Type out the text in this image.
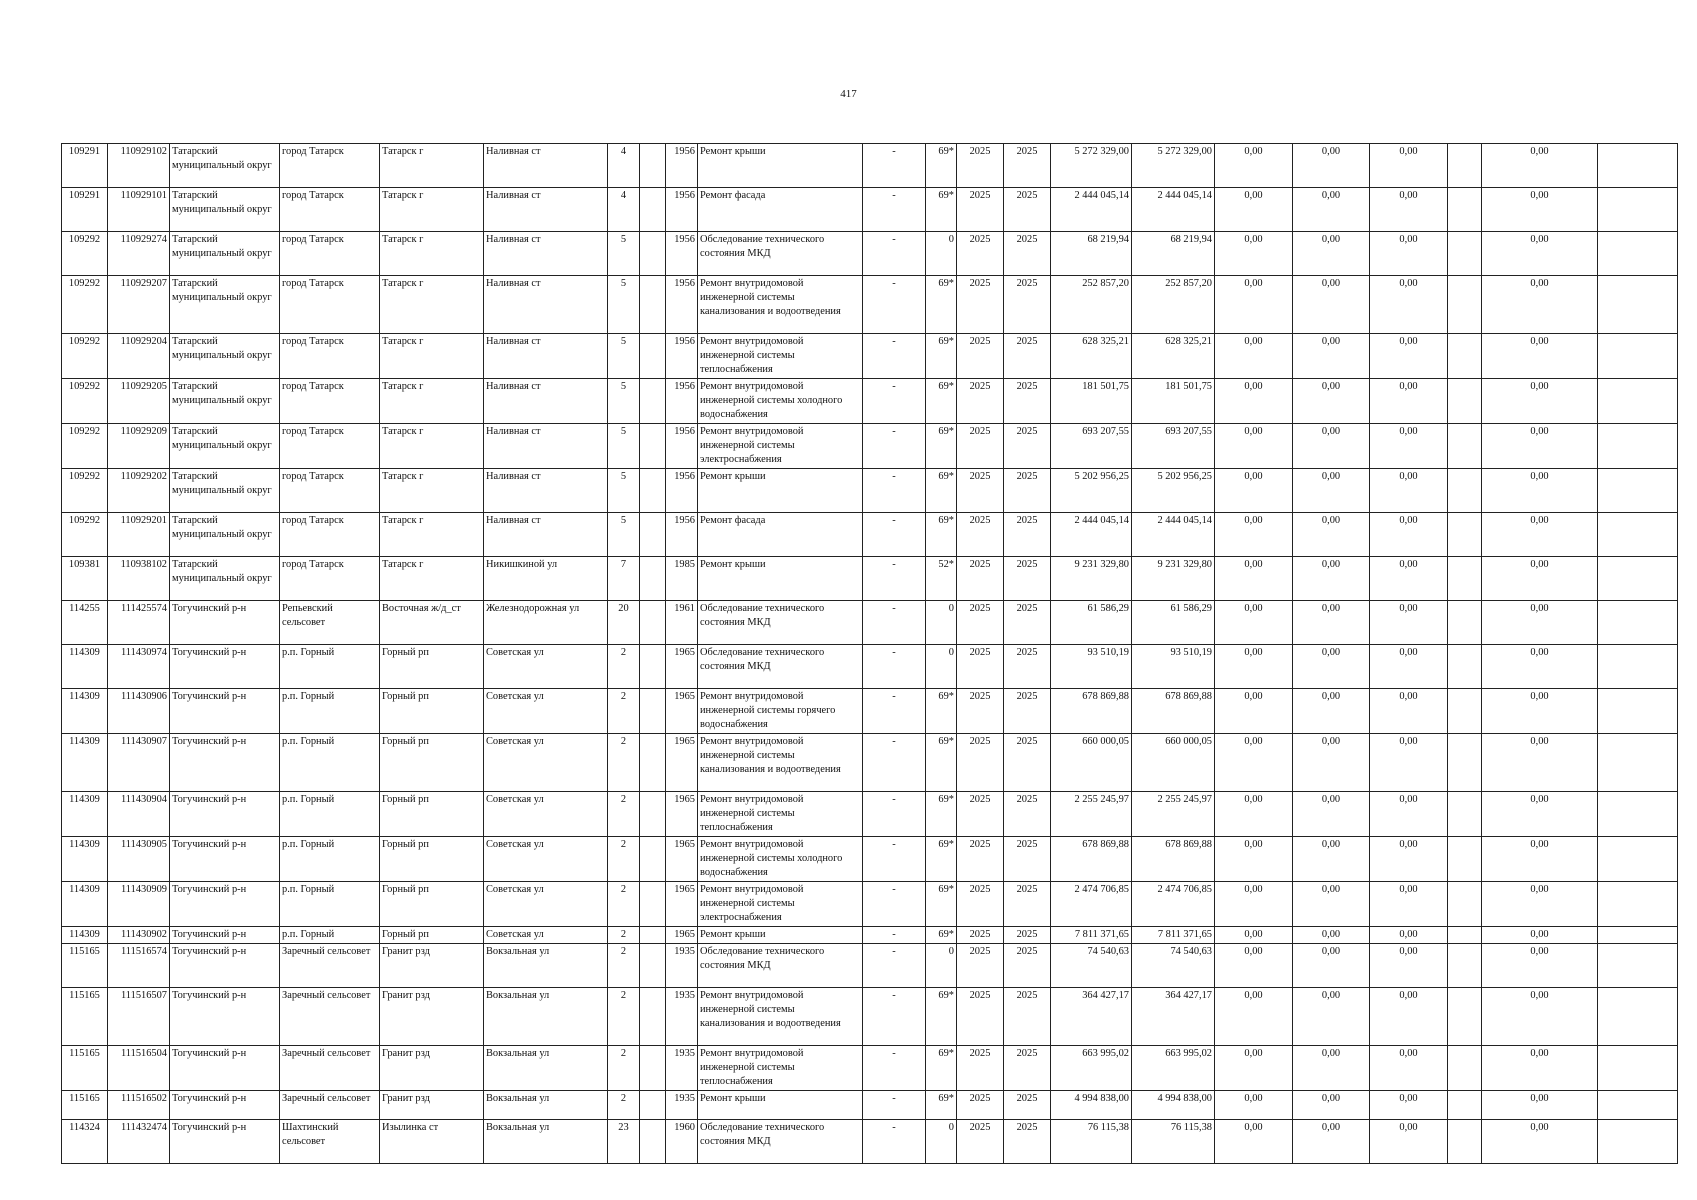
417
109291	110929102	Татарский муниципальный округ	город Татарск	Татарск г	Наливная ст	4		1956	Ремонт крыши	-	69*	2025	2025	5 272 329,00	5 272 329,00	0,00	0,00	0,00		0,00	
109291	110929101	Татарский муниципальный округ	город Татарск	Татарск г	Наливная ст	4		1956	Ремонт фасада	-	69*	2025	2025	2 444 045,14	2 444 045,14	0,00	0,00	0,00		0,00	
109292	110929274	Татарский муниципальный округ	город Татарск	Татарск г	Наливная ст	5		1956	Обследование технического состояния МКД	-	0	2025	2025	68 219,94	68 219,94	0,00	0,00	0,00		0,00	
109292	110929207	Татарский муниципальный округ	город Татарск	Татарск г	Наливная ст	5		1956	Ремонт внутридомовой инженерной системы канализования и водоотведения	-	69*	2025	2025	252 857,20	252 857,20	0,00	0,00	0,00		0,00	
109292	110929204	Татарский муниципальный округ	город Татарск	Татарск г	Наливная ст	5		1956	Ремонт внутридомовой инженерной системы теплоснабжения	-	69*	2025	2025	628 325,21	628 325,21	0,00	0,00	0,00		0,00	
109292	110929205	Татарский муниципальный округ	город Татарск	Татарск г	Наливная ст	5		1956	Ремонт внутридомовой инженерной системы холодного водоснабжения	-	69*	2025	2025	181 501,75	181 501,75	0,00	0,00	0,00		0,00	
109292	110929209	Татарский муниципальный округ	город Татарск	Татарск г	Наливная ст	5		1956	Ремонт внутридомовой инженерной системы электроснабжения	-	69*	2025	2025	693 207,55	693 207,55	0,00	0,00	0,00		0,00	
109292	110929202	Татарский муниципальный округ	город Татарск	Татарск г	Наливная ст	5		1956	Ремонт крыши	-	69*	2025	2025	5 202 956,25	5 202 956,25	0,00	0,00	0,00		0,00	
109292	110929201	Татарский муниципальный округ	город Татарск	Татарск г	Наливная ст	5		1956	Ремонт фасада	-	69*	2025	2025	2 444 045,14	2 444 045,14	0,00	0,00	0,00		0,00	
109381	110938102	Татарский муниципальный округ	город Татарск	Татарск г	Никишкиной ул	7		1985	Ремонт крыши	-	52*	2025	2025	9 231 329,80	9 231 329,80	0,00	0,00	0,00		0,00	
114255	111425574	Тогучинский р-н	Репьевский сельсовет	Восточная ж/д_ст	Железнодорожная ул	20		1961	Обследование технического состояния МКД	-	0	2025	2025	61 586,29	61 586,29	0,00	0,00	0,00		0,00	
114309	111430974	Тогучинский р-н	р.п. Горный	Горный рп	Советская ул	2		1965	Обследование технического состояния МКД	-	0	2025	2025	93 510,19	93 510,19	0,00	0,00	0,00		0,00	
114309	111430906	Тогучинский р-н	р.п. Горный	Горный рп	Советская ул	2		1965	Ремонт внутридомовой инженерной системы горячего водоснабжения	-	69*	2025	2025	678 869,88	678 869,88	0,00	0,00	0,00		0,00	
114309	111430907	Тогучинский р-н	р.п. Горный	Горный рп	Советская ул	2		1965	Ремонт внутридомовой инженерной системы канализования и водоотведения	-	69*	2025	2025	660 000,05	660 000,05	0,00	0,00	0,00		0,00	
114309	111430904	Тогучинский р-н	р.п. Горный	Горный рп	Советская ул	2		1965	Ремонт внутридомовой инженерной системы теплоснабжения	-	69*	2025	2025	2 255 245,97	2 255 245,97	0,00	0,00	0,00		0,00	
114309	111430905	Тогучинский р-н	р.п. Горный	Горный рп	Советская ул	2		1965	Ремонт внутридомовой инженерной системы холодного водоснабжения	-	69*	2025	2025	678 869,88	678 869,88	0,00	0,00	0,00		0,00	
114309	111430909	Тогучинский р-н	р.п. Горный	Горный рп	Советская ул	2		1965	Ремонт внутридомовой инженерной системы электроснабжения	-	69*	2025	2025	2 474 706,85	2 474 706,85	0,00	0,00	0,00		0,00	
114309	111430902	Тогучинский р-н	р.п. Горный	Горный рп	Советская ул	2		1965	Ремонт крыши	-	69*	2025	2025	7 811 371,65	7 811 371,65	0,00	0,00	0,00		0,00	
115165	111516574	Тогучинский р-н	Заречный сельсовет	Гранит рзд	Вокзальная ул	2		1935	Обследование технического состояния МКД	-	0	2025	2025	74 540,63	74 540,63	0,00	0,00	0,00		0,00	
115165	111516507	Тогучинский р-н	Заречный сельсовет	Гранит рзд	Вокзальная ул	2		1935	Ремонт внутридомовой инженерной системы канализования и водоотведения	-	69*	2025	2025	364 427,17	364 427,17	0,00	0,00	0,00		0,00	
115165	111516504	Тогучинский р-н	Заречный сельсовет	Гранит рзд	Вокзальная ул	2		1935	Ремонт внутридомовой инженерной системы теплоснабжения	-	69*	2025	2025	663 995,02	663 995,02	0,00	0,00	0,00		0,00	
115165	111516502	Тогучинский р-н	Заречный сельсовет	Гранит рзд	Вокзальная ул	2		1935	Ремонт крыши	-	69*	2025	2025	4 994 838,00	4 994 838,00	0,00	0,00	0,00		0,00	
114324	111432474	Тогучинский р-н	Шахтинский сельсовет	Изылинка ст	Вокзальная ул	23		1960	Обследование технического состояния МКД	-	0	2025	2025	76 115,38	76 115,38	0,00	0,00	0,00		0,00	
